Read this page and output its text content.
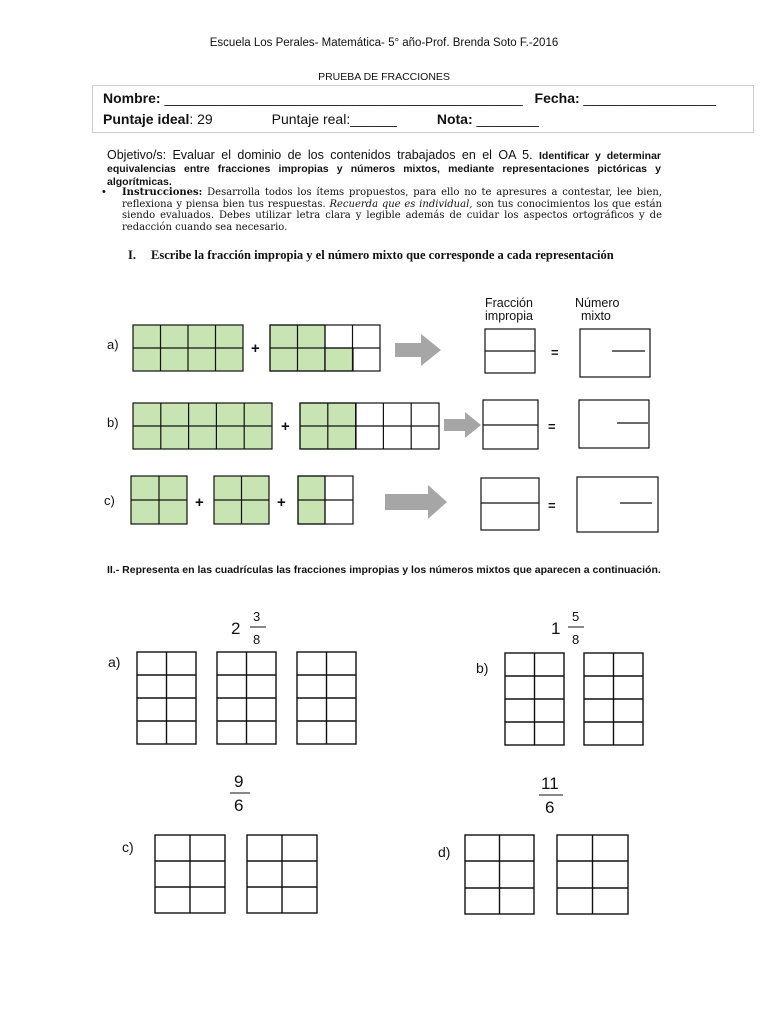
Escuela Los Perales- Matemática- 5° año-Prof. Brenda Soto F.-2016
PRUEBA DE FRACCIONES
Nombre: ______________________________________________ Fecha: _________________
Puntaje ideal: 29	Puntaje real:______	Nota: ________
Objetivo/s: Evaluar el dominio de los contenidos trabajados en el OA 5. Identificar y determinar equivalencias entre fracciones impropias y números mixtos, mediante representaciones pictóricas y algorítmicas.
• Instrucciones: Desarrolla todos los ítems propuestos, para ello no te apresures a contestar, lee bien, reflexiona y piensa bien tus respuestas. Recuerda que es individual, son tus conocimientos los que están siendo evaluados. Debes utilizar letra clara y legible además de cuidar los aspectos ortográficos y de redacción cuando sea necesario.
I. Escribe la fracción impropia y el número mixto que corresponde a cada representación
Fracción
impropia
Número
mixto
a)	+	=
b)	+	=
c)	+	+	=
II.- Representa en las cuadrículas las fracciones impropias y los números mixtos que aparecen a continuación.
2
3
8
1
5
8
9
6
11
6
a)	b)
c)	d)
